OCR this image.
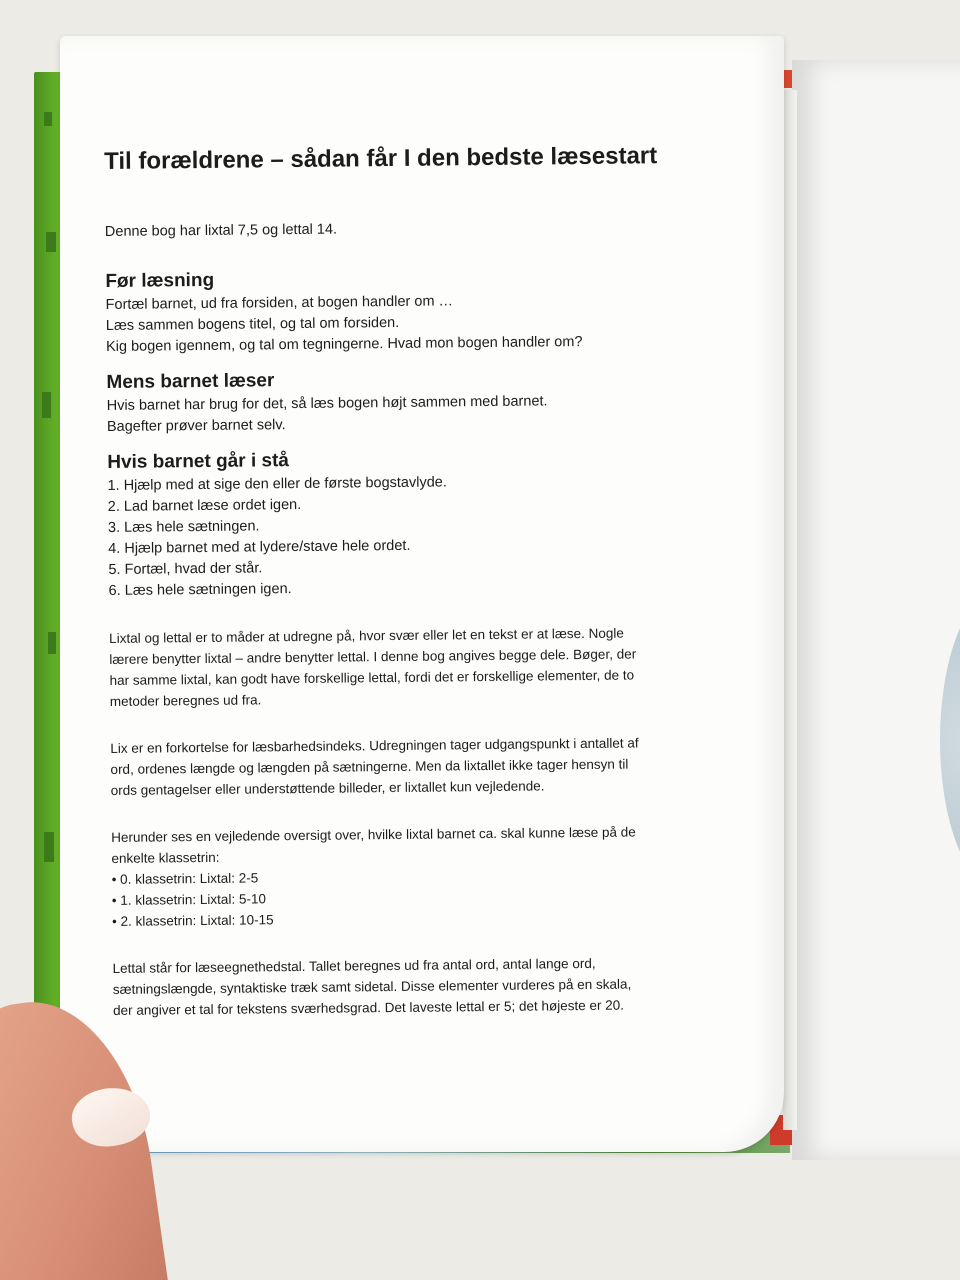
Til forældrene – sådan får I den bedste læsestart

Denne bog har lixtal 7,5 og lettal 14.

Før læsning

Fortæl barnet, ud fra forsiden, at bogen handler om …
Læs sammen bogens titel, og tal om forsiden.
Kig bogen igennem, og tal om tegningerne. Hvad mon bogen handler om?

Mens barnet læser

Hvis barnet har brug for det, så læs bogen højt sammen med barnet.
Bagefter prøver barnet selv.

Hvis barnet går i stå

1. Hjælp med at sige den eller de første bogstavlyde.
2. Lad barnet læse ordet igen.
3. Læs hele sætningen.
4. Hjælp barnet med at lydere/stave hele ordet.
5. Fortæl, hvad der står.
6. Læs hele sætningen igen.

Lixtal og lettal er to måder at udregne på, hvor svær eller let en tekst er at læse. Nogle
lærere benytter lixtal – andre benytter lettal. I denne bog angives begge dele. Bøger, der
har samme lixtal, kan godt have forskellige lettal, fordi det er forskellige elementer, de to
metoder beregnes ud fra.

Lix er en forkortelse for læsbarhedsindeks. Udregningen tager udgangspunkt i antallet af
ord, ordenes længde og længden på sætningerne. Men da lixtallet ikke tager hensyn til
ords gentagelser eller understøttende billeder, er lixtallet kun vejledende.

Herunder ses en vejledende oversigt over, hvilke lixtal barnet ca. skal kunne læse på de
enkelte klassetrin:
• 0. klassetrin: Lixtal: 2-5
• 1. klassetrin: Lixtal: 5-10
• 2. klassetrin: Lixtal: 10-15

Lettal står for læseegnethedstal. Tallet beregnes ud fra antal ord, antal lange ord,
sætningslængde, syntaktiske træk samt sidetal. Disse elementer vurderes på en skala,
der angiver et tal for tekstens sværhedsgrad. Det laveste lettal er 5; det højeste er 20.
